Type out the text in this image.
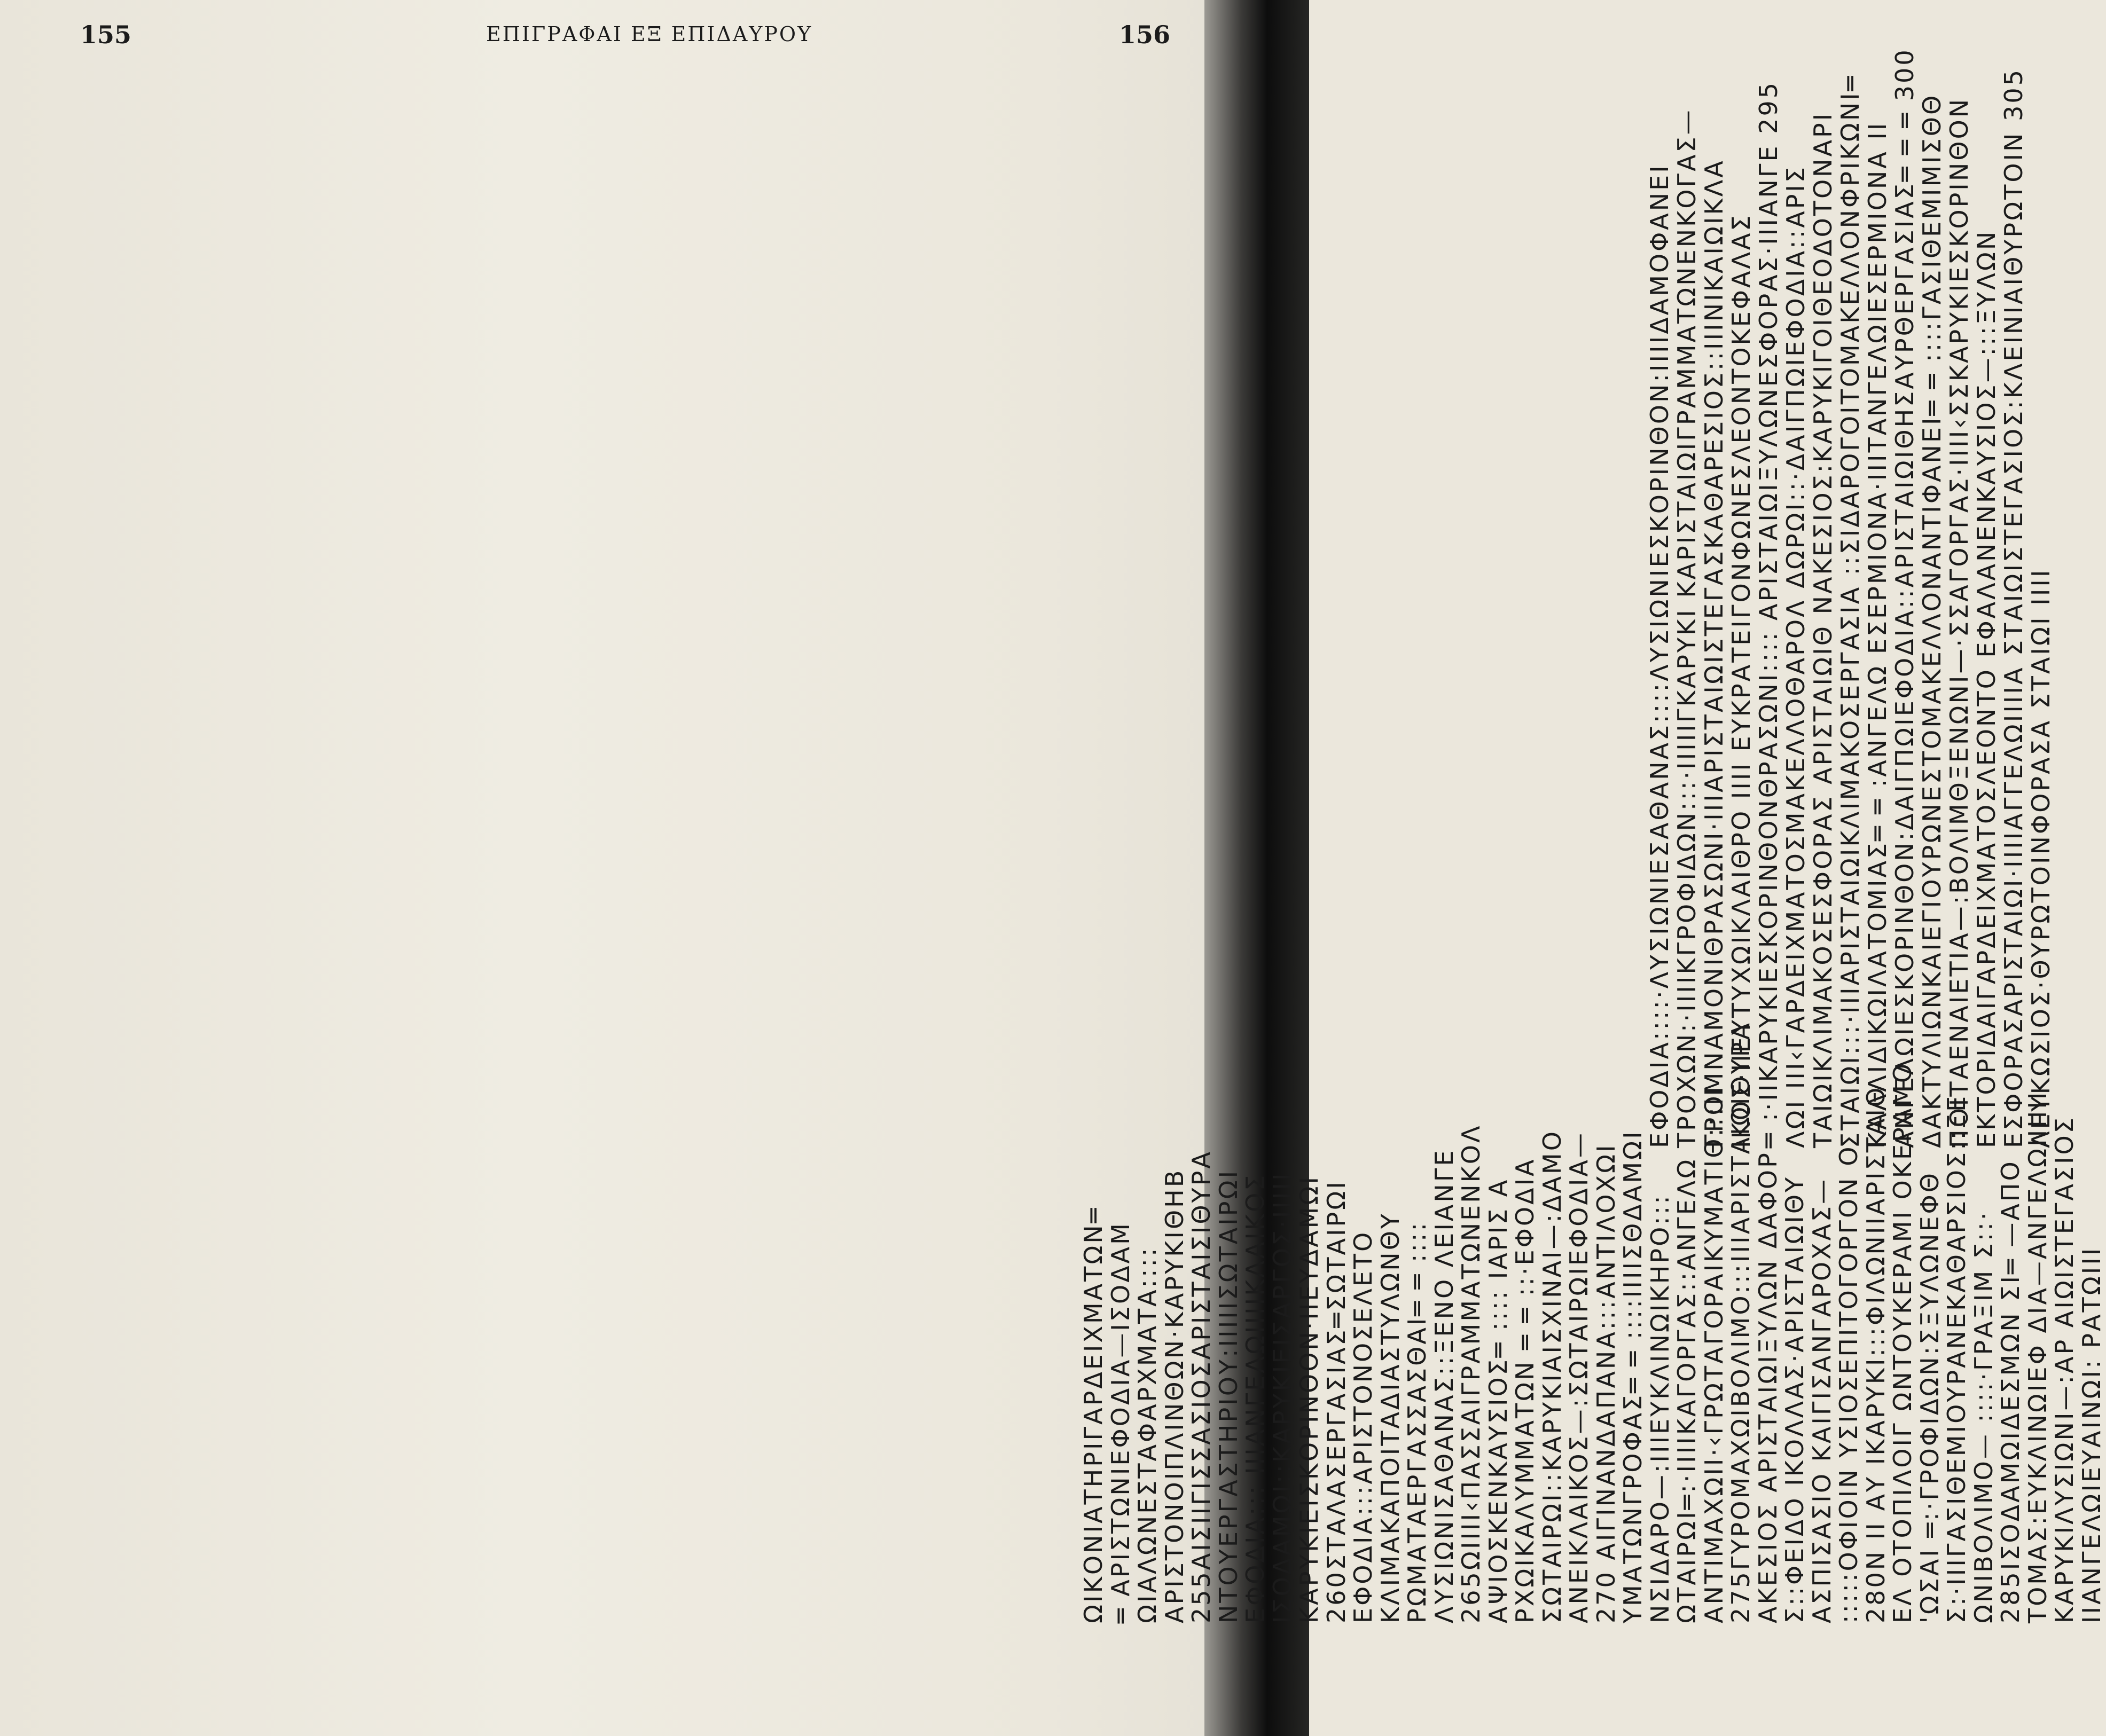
155	ΕΠΙΓΡΑΦΑΙ ΕΞ ΕΠΙΔΑΥΡΟΥ	156
ΩΙΚΟΝΙΑΤΗΡΙΓΑΡΔΕΙΧΜΑΤΩΝ═
═ ΑΡΙΣΤΩΝΙΕΦΟΔΙΑ—ΙΣΟΔΑΜ
ΩΙΑΛΩΝΕΣΤΑΦΑΡΧΜΑΤΑ::::
ΑΡΙΣΤΟΝΟΙΠΛΙΝΘΩΝ·ΚΑΡΥΚΙΘΗΒ
255ΑΙΣΙΙΓΙΣΣΑΣΙΟΣΑΡΙΣΤΑΙΣΙΘΥΡΑ
ΝΤΟΥΕΡΓΑΣΤΗΡΙΟΥ:ΙΙΙΙΙΣΩΤΑΙΡΩΙ
ΕΦΟΔΙΑ::: ΙΙΙΑΝΓΕΛΩΙΙΙΙΚΛΑΙΚΟΣ
ΙΣΟΔΑΜΩΙ::ΚΑΡΥΚΙΕΙΣΑΡΓΟΣ·ΙΙΙΙΙ
ΚΑΡΥΚΙΕΙΣΚΟΡΙΝΘΟΝ·ΙΙΕΥΔΑΜΩΙ
260ΣΤΑΛΑΣΕΡΓΑΣΙΑΣ═ΣΩΤΑΙΡΩΙ
ΕΦΟΔΙΑ:::ΑΡΙΣΤΟΝΟΣΕΛΕΤΟ
ΚΛΙΜΑΚΑΠΟΙΤΑΔΙΑΣΤΥΛΩΝΘΥ
ΡΩΜΑΤΑΕΡΓΑΣΣΑΣΘΑΙ═ ═ ::::
ΛΥΣΙΩΝΙΣΑΘΑΝΑΣ::ΞΕΝΟ ΛΕΙΑΝΓΕ
265ΩΙΙΙΙ‹ΠΑΣΣΑΙΓΡΑΜΜΑΤΩΝΕΝΚΟΛ
ΑΨΙΟΣΚΕΝΚΑΥΣΙΟΣ═ :::: ΙΑΡΙΣ Α
ΡΧΩΙΚΑΛΥΜΜΑΤΩΝ ═ ═ ::·ΕΦΟΔΙΑ
ΣΩΤΑΙΡΩΙ::ΚΑΡΥΚΙΑΙΣΧΙΝΑΙ—:ΔΑΜΟ
ΑΝΕΙΚΛΑΙΚΟΣ—:ΣΩΤΑΙΡΩΙΕΦΟΔΙΑ—
270 ΑΙΓΙΝΑΝΔΑΠΑΝΑ:::ΑΝΤΙΛΟΧΩΙ
ΥΜΑΤΩΝΓΡΟΦΑΣ═ ═ ::::ΙΙΙΙΣΘΔΑΜΩΙ
ΝΣΙΔΑΡΟ—:ΙΙΙΕΥΚΛΙΝΩΙΚΗΡΟ:::
ΩΤΑΙΡΩΙ═:·ΙΙΙΙΚΑΓΟΡΓΑΣ::ΑΝΓΕΛΩ
ΑΝΤΙΜΑΧΩΙΙ·‹ΓΡΩΤΑΓΟΡΑΙΚΥΜΑΤΙΘ:::ΙΙ
275ΓΥΡΟΜΑΧΩΙΒΟΛΙΜΟ:::ΙΙΙΑΡΙΣΤΑΙΩΙΘΥΡΑ
ΑΚΕΣΙΟΣ ΑΡΙΣΤΑΙΩΙΞΥΛΩΝ ΔΑΦΟΡ
Σ::ΦΕΙΔΟ ΙΚΟΛΛΑΣ·ΑΡΙΣΤΑΙΩΙΘΥ
ΑΣΠΙΣΑΣΙΟ ΚΑΙΓΙΣΑΝΓΑΡΟΧΑΣ—
:::::ΟΦΙΟΙΝ ΥΣΙΟΣΕΠΙΤΟΓΟΡΓΟΝ Ο
280Ν ΙΙ ΑΥ ΙΚΑΡΥΚΙ:::ΦΙΛΩΝΙΙΑΡΙΣΤΑΙΘ
ΕΛ ΟΤΟΠΙΛΟΙΓ ΩΝΤΟΥΚΕΡΑΜΙ ΟΚΕΡΑΜΟ
'ΩΣΑΙ ═:·ΓΡΟΦΙΔΩΝ:ΣΞΥΛΩΝΕΦΘ
Σ:·ΙΙΙΓΑΣΙΘΕΜΙΟΥΡΑΝΕΚΑΘΑΡΣΙΟΣ::ΞΕ
ΩΝΙΒΟΛΙΜΟ— ::::·ΓΡΑΞΙΜ Σ::·
285ΙΣΟΔΑΜΩΙΔΕΣΜΩΝ ΣΙ═ —ΑΠΟ
ΤΟΜΑΣ:ΕΥΚΛΙΝΩΙΕΦ ΔΙΑ—ΑΝΓΕΛΩΙΙΙΙΙΙ
ΚΑΡΥΚΙΛΥΣΙΩΝΙ—:ΑΡ ΑΙΩΙΣΤΕΓΑΣΙΟΣ
ΙΙΑΝΓΕΛΩΙΕΥΑΙΝΩΙ: ΡΑΤΩΙΙΙ
ΕΦΟΔΙΑ::::·ΛΥΣΙΩΝΙΕΣΑΘΑΝΑΣ::::ΛΥΣΙΩΝΙΕΣΚΟΡΙΝΘΟΝ:ΙΙΙΙΔΑΜΟΦΑΝΕΙ
ΤΡΟΧΩΝ:·ΙΙΙΙΚΓΡΟΦΙΔΩΝ:::·ΙΙΙΙΙΓΚΑΡΥΚΙ ΚΑΡΙΣΤΑΙΩΙΓΡΑΜΜΑΤΩΝΕΝΚΟΓΑΣ—
ΓΡΟΜΝΑΜΟΝΙΘΡΑΣΩΝΙ·ΙΙΙΑΡΙΣΤΑΙΩΙΣΤΕΓΑΣΚΑΘΑΡΕΣΙΟΣ::ΙΙΙΝΙΚΑΙΩΙΚΛΑ
ΙΚΟΣ·ΙΙΕΥΤΥΧΩΙΚΛΑΙΘΡΟ ΙΙΙΙ ΕΥΚΡΑΤΕΙΓΟΝΦΩΝΕΣΛΕΟΝΤΟΚΕΦΑΛΑΣ
═ :·ΙΙΚΑΡΥΚΙΕΣΚΟΡΙΝΘΟΝΘΡΑΣΩΝΙ:::: ΑΡΙΣΤΑΙΩΙΞΥΛΩΝΕΣΦΟΡΑΣ·ΙΙΙΑΝΓΕ 295
ΛΩΙ ΙΙΙ‹ΓΑΡΔΕΙΧΜΑΤΟΣΜΑΚΕΛΛΟΘΑΡΟΛ ΔΩΡΩΙ::·ΔΑΙΓΠΩΙΕΦΟΔΙΑ::ΑΡΙΣ
ΤΑΙΩΙΚΛΙΜΑΚΟΣΕΣΦΟΡΑΣ ΑΡΙΣΤΑΙΩΙΘ ΝΑΚΕΣΙΟΣ:ΚΑΡΥΚΙΓΟΙΘΕΟΔΟΤΟΝΑΡΙ
ΣΤΑΙΩΙ:::·ΙΙΙΑΡΙΣΤΑΙΩΙΚΛΙΜΑΚΟΣΕΡΓΑΣΙΑ ::ΣΙΔΑΡΟΓΟΙΤΟΜΑΚΕΛΛΟΝΦΡΙΚΩΝΙ═
ΚΑΛΛΙΔΙΚΩΙΛΑΤΟΜΙΑΣ═ ═ :ΑΝΓΕΛΩ ΕΣΕΡΜΙΟΝΑ·ΙΙΙΤΑΝΓΕΛΩΙΕΣΕΡΜΙΟΝΑ ΙΙ
ΑΝΓΕΛΩΙΕΣΚΟΡΙΝΘΟΝ:ΔΑΙΓΠΩΙΕΦΟΔΙΑ::ΑΡΙΣΤΑΙΩΙΘΗΣΑΥΡΘΕΡΓΑΣΙΑΣ═ ═ ═ 300
ΔΑΚΤΥΛΙΩΝΚΑΙΕΓΙΟΥΡΩΝΕΣΤΟΜΑΚΕΛΛΟΝΑΝΤΙΦΑΝΕΙ═ ═ ::::ΓΑΣΙΘΕΜΙΜΙΣΘΘ
ΠΟΙΤΑΕΝΑΙΕΤΙΑ—:ΒΟΛΙΜΘΞΕΝΩΝΙ—·ΣΣΑΓΟΡΓΑΣ·ΙΙΙΙ‹ΣΣΚΑΡΥΚΙΕΣΚΟΡΙΝΘΟΝ
ΕΚΤΟΡΙΔΑΙΓΑΡΔΕΙΧΜΑΤΟΣΛΕΟΝΤΟ ΕΦΑΛΑΝΕΝΚΑΥΣΙΟΣ—:::ΞΥΛΩΝ
ΕΣΦΟΡΑΣΑΡΙΣΤΑΙΩΙ·ΙΙΙΙΑΓΓΕΛΩΙΙΙΙΑ ΣΤΑΙΩΙΣΤΕΓΑΣΙΟΣ:ΚΛΕΙΝΙΑΙΘΥΡΩΤΟΙΝ 305
ΛΕΥΚΩΣΙΟΣ·ΘΥΡΩΤΟΙΝΦΟΡΑΣΑ ΣΤΑΙΩΙ ΙΙΙΙ
